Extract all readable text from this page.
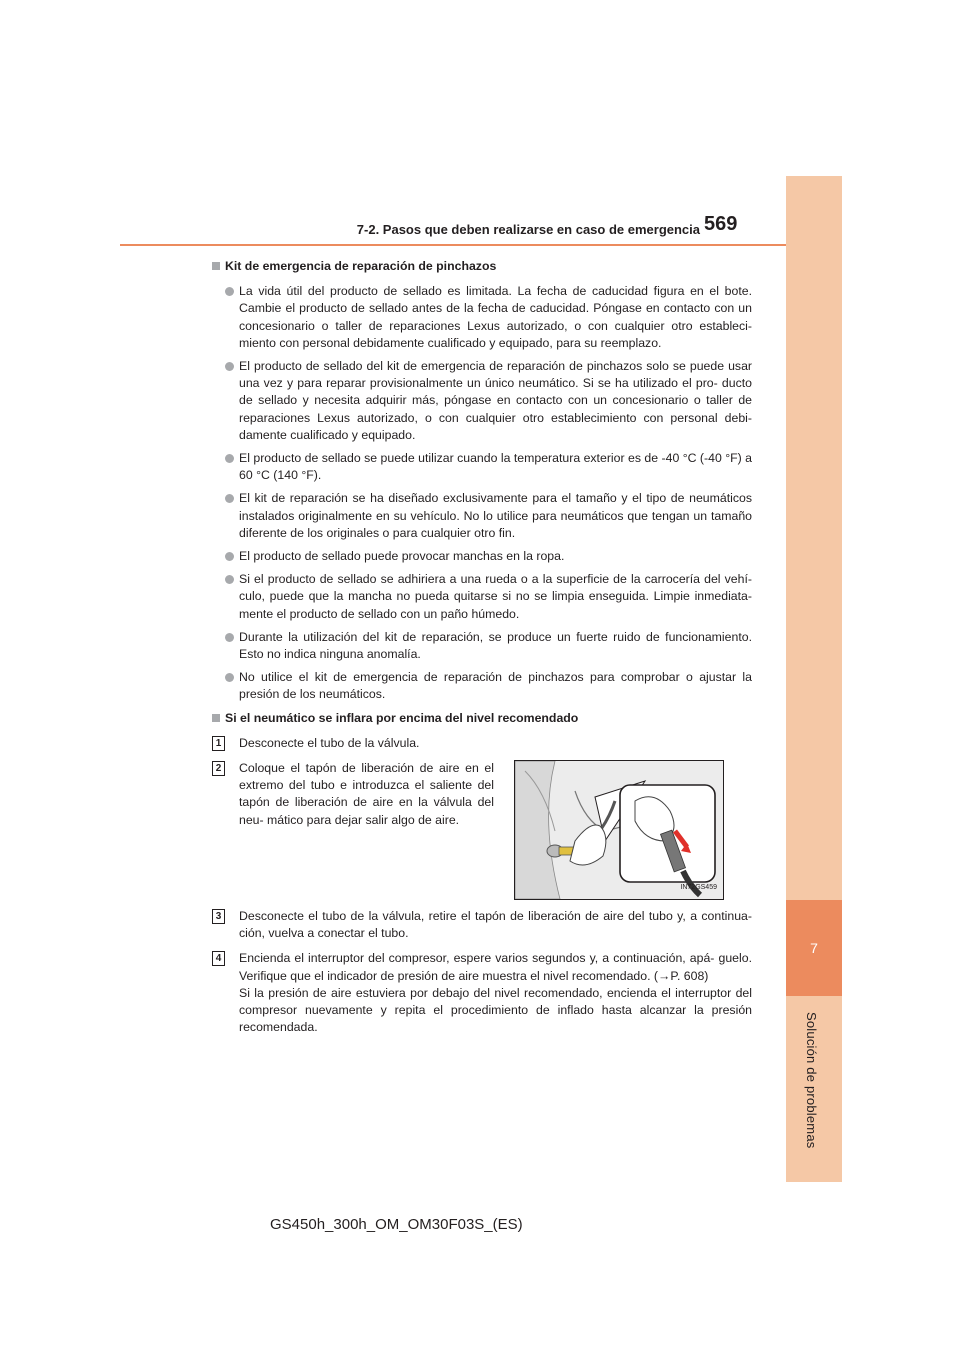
7
Solución de problemas
7-2. Pasos que deben realizarse en caso de emergencia 569
Kit de emergencia de reparación de pinchazos
La vida útil del producto de sellado es limitada. La fecha de caducidad figura en el bote. Cambie el producto de sellado antes de la fecha de caducidad. Póngase en contacto con un concesionario o taller de reparaciones Lexus autorizado, o con cualquier otro estableci- miento con personal debidamente cualificado y equipado, para su reemplazo.
El producto de sellado del kit de emergencia de reparación de pinchazos solo se puede usar una vez y para reparar provisionalmente un único neumático. Si se ha utilizado el pro- ducto de sellado y necesita adquirir más, póngase en contacto con un concesionario o taller de reparaciones Lexus autorizado, o con cualquier otro establecimiento con personal debi- damente cualificado y equipado.
El producto de sellado se puede utilizar cuando la temperatura exterior es de -40 °C (-40 °F) a 60 °C (140 °F).
El kit de reparación se ha diseñado exclusivamente para el tamaño y el tipo de neumáticos instalados originalmente en su vehículo. No lo utilice para neumáticos que tengan un tamaño diferente de los originales o para cualquier otro fin.
El producto de sellado puede provocar manchas en la ropa.
Si el producto de sellado se adhiriera a una rueda o a la superficie de la carrocería del vehí- culo, puede que la mancha no pueda quitarse si no se limpia enseguida. Limpie inmediata- mente el producto de sellado con un paño húmedo.
Durante la utilización del kit de reparación, se produce un fuerte ruido de funcionamiento. Esto no indica ninguna anomalía.
No utilice el kit de emergencia de reparación de pinchazos para comprobar o ajustar la presión de los neumáticos.
Si el neumático se inflara por encima del nivel recomendado
1	Desconecte el tubo de la válvula.
2	Coloque el tapón de liberación de aire en el extremo del tubo e introduzca el saliente del tapón de liberación de aire en la válvula del neu- mático para dejar salir algo de aire.
IN72GS459
3	Desconecte el tubo de la válvula, retire el tapón de liberación de aire del tubo y, a continua- ción, vuelva a conectar el tubo.
4	Encienda el interruptor del compresor, espere varios segundos y, a continuación, apá- guelo. Verifique que el indicador de presión de aire muestra el nivel recomendado. (→P. 608)
Si la presión de aire estuviera por debajo del nivel recomendado, encienda el interruptor del compresor nuevamente y repita el procedimiento de inflado hasta alcanzar la presión recomendada.
GS450h_300h_OM_OM30F03S_(ES)
